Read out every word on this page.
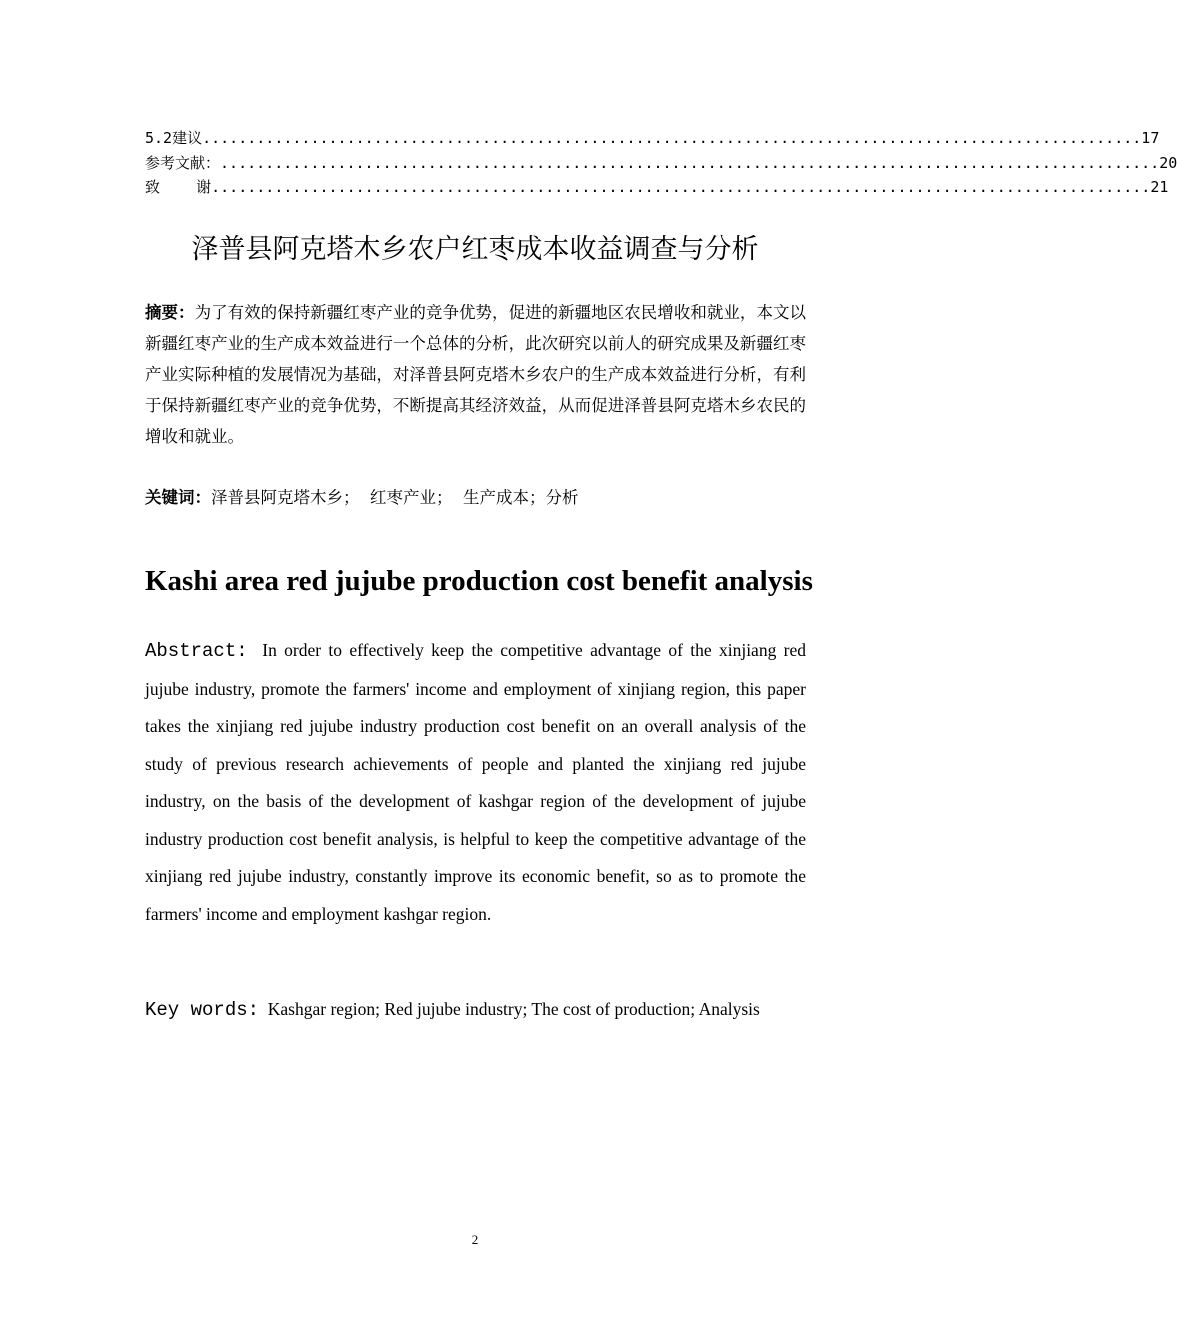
5.2建议 ........................................................................................................ 17
参考文献： ........................................................................................................ 20
致    谢 ........................................................................................................ 21
泽普县阿克塔木乡农户红枣成本收益调查与分析
摘要：为了有效的保持新疆红枣产业的竞争优势，促进的新疆地区农民增收和就业，本文以新疆红枣产业的生产成本效益进行一个总体的分析，此次研究以前人的研究成果及新疆红枣产业实际种植的发展情况为基础，对泽普县阿克塔木乡农户的生产成本效益进行分析，有利于保持新疆红枣产业的竞争优势，不断提高其经济效益，从而促进泽普县阿克塔木乡农民的增收和就业。
关键词：泽普县阿克塔木乡；  红枣产业；  生产成本；分析
Kashi area red jujube production cost benefit analysis
Abstract: In order to effectively keep the competitive advantage of the xinjiang red jujube industry, promote the farmers' income and employment of xinjiang region, this paper takes the xinjiang red jujube industry production cost benefit on an overall analysis of the study of previous research achievements of people and planted the xinjiang red jujube industry, on the basis of the development of kashgar region of the development of jujube industry production cost benefit analysis, is helpful to keep the competitive advantage of the xinjiang red jujube industry, constantly improve its economic benefit, so as to promote the farmers' income and employment kashgar region.
Key words: Kashgar region; Red jujube industry; The cost of production; Analysis
2
